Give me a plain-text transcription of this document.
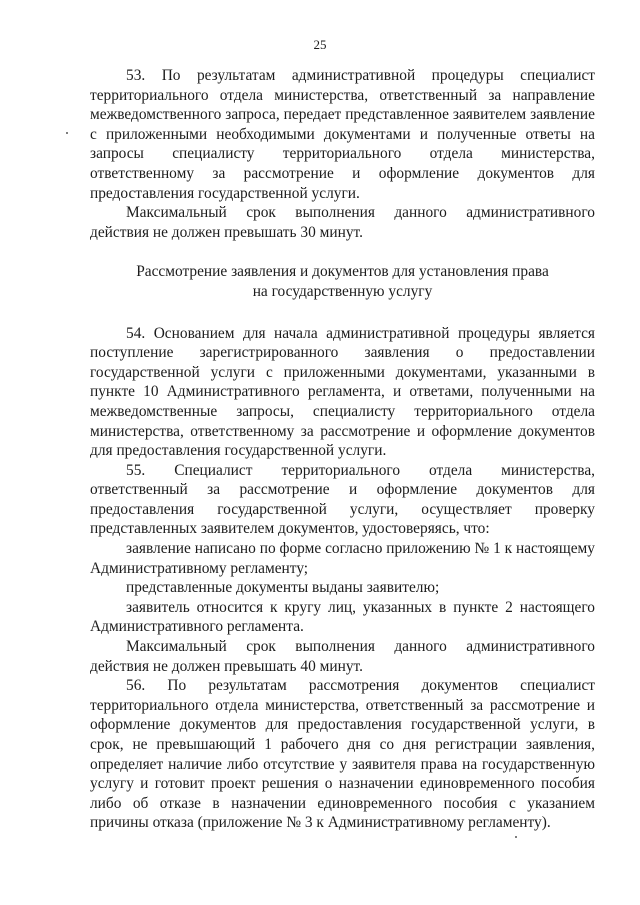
25

53. По результатам административной процедуры специалист территориального отдела министерства, ответственный за направление межведомственного запроса, передает представленное заявителем заявление с приложенными необходимыми документами и полученные ответы на запросы специалисту территориального отдела министерства, ответственному за рассмотрение и оформление документов для предоставления государственной услуги.

Максимальный срок выполнения данного административного действия не должен превышать 30 минут.

Рассмотрение заявления и документов для установления права

на государственную услугу

54. Основанием для начала административной процедуры является поступление зарегистрированного заявления о предоставлении государственной услуги с приложенными документами, указанными в пункте 10 Административного регламента, и ответами, полученными на межведомственные запросы, специалисту территориального отдела министерства, ответственному за рассмотрение и оформление документов для предоставления государственной услуги.

55. Специалист территориального отдела министерства, ответственный за рассмотрение и оформление документов для предоставления государственной услуги, осуществляет проверку представленных заявителем документов, удостоверяясь, что:

заявление написано по форме согласно приложению № 1 к настоящему Административному регламенту;

представленные документы выданы заявителю;

заявитель относится к кругу лиц, указанных в пункте 2 настоящего Административного регламента.

Максимальный срок выполнения данного административного действия не должен превышать 40 минут.

56. По результатам рассмотрения документов специалист территориального отдела министерства, ответственный за рассмотрение и оформление документов для предоставления государственной услуги, в срок, не превышающий 1 рабочего дня со дня регистрации заявления, определяет наличие либо отсутствие у заявителя права на государственную услугу и готовит проект решения о назначении единовременного пособия либо об отказе в назначении единовременного пособия с указанием причины отказа (приложение № 3 к Административному регламенту).
